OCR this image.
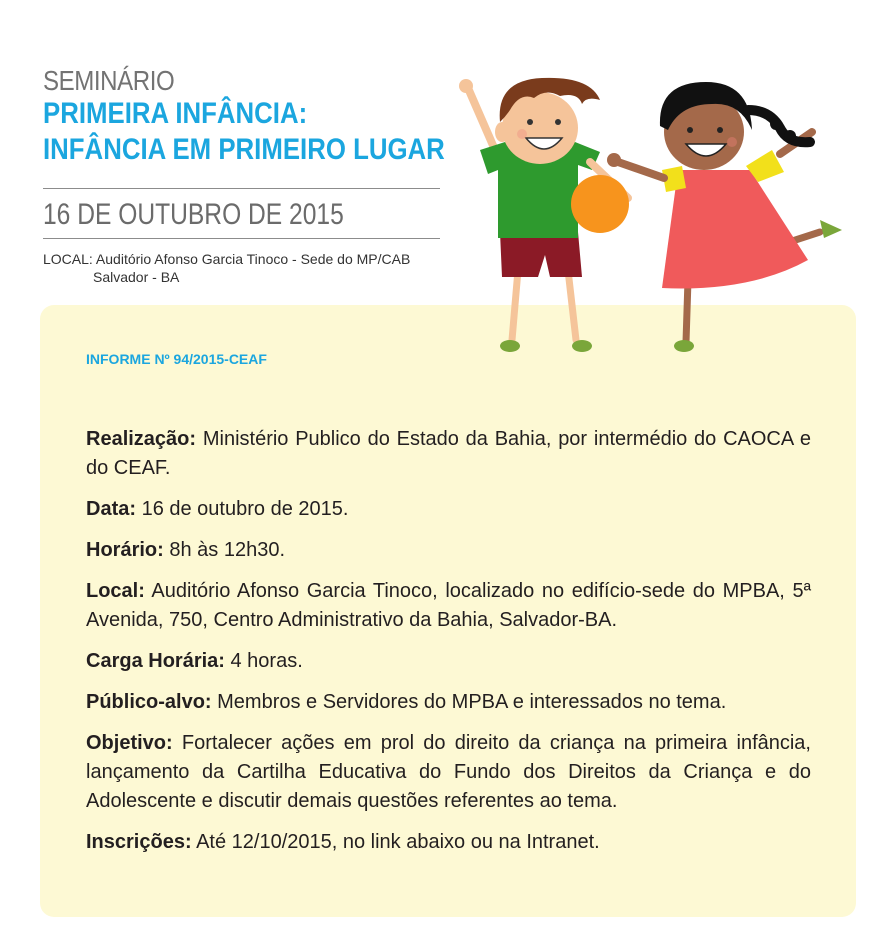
SEMINÁRIO
PRIMEIRA INFÂNCIA:
INFÂNCIA EM PRIMEIRO LUGAR
16 DE OUTUBRO DE 2015
LOCAL: Auditório Afonso Garcia Tinoco - Sede do MP/CAB
Salvador - BA
INFORME Nº 94/2015-CEAF

Realização: Ministério Publico do Estado da Bahia, por intermédio do CAOCA e do CEAF.

Data: 16 de outubro de 2015.

Horário: 8h às 12h30.

Local: Auditório Afonso Garcia Tinoco, localizado no edifício-sede do MPBA, 5ª Avenida, 750, Centro Administrativo da Bahia, Salvador-BA.

Carga Horária: 4 horas.

Público-alvo: Membros e Servidores do MPBA e interessados no tema.

Objetivo: Fortalecer ações em prol do direito da criança na primeira infância, lançamento da Cartilha Educativa do Fundo dos Direitos da Criança e do Adolescente e discutir demais questões referentes ao tema.

Inscrições: Até 12/10/2015, no link abaixo ou na Intranet.
